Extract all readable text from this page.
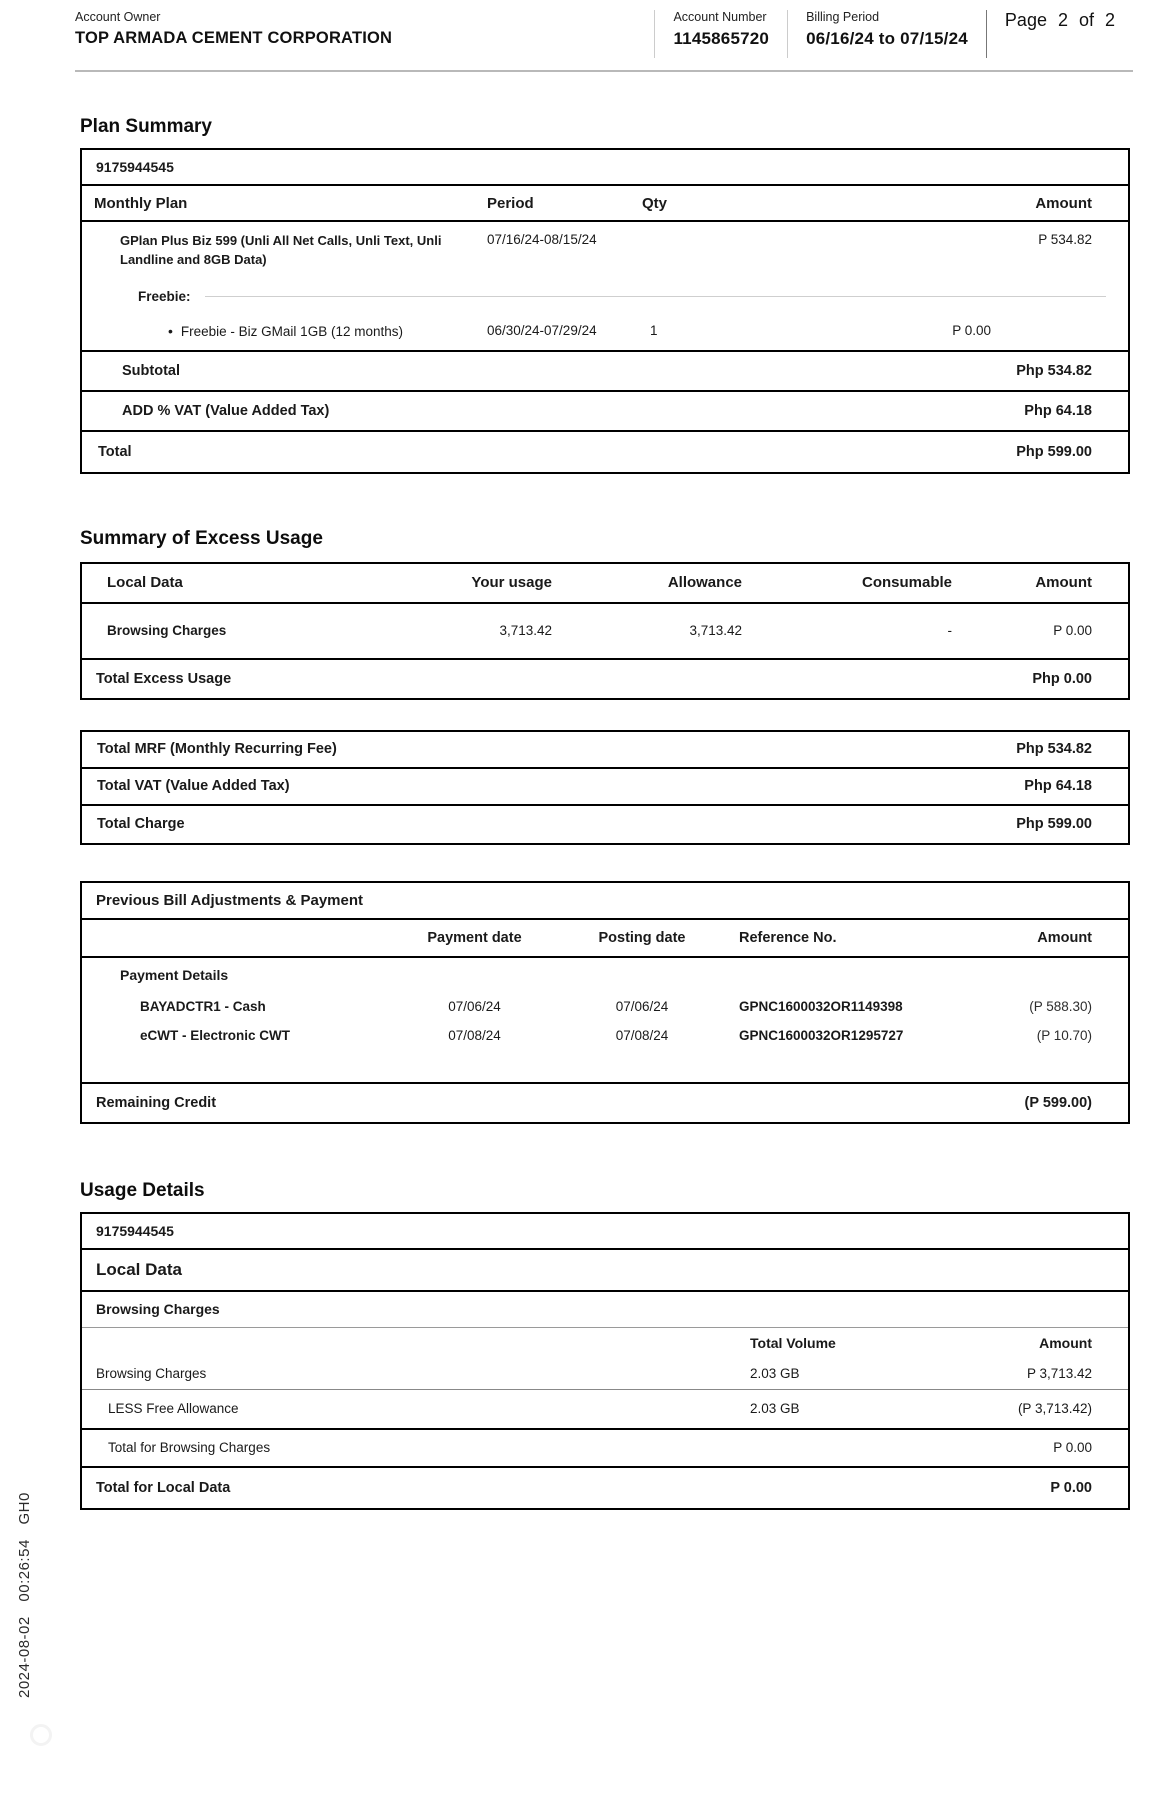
Account Owner
TOP ARMADA CEMENT CORPORATION
Account Number
1145865720
Billing Period
06/16/24 to 07/15/24
Page 2 of 2
Plan Summary
9175944545
Monthly Plan	Period	Qty	Amount
GPlan Plus Biz 599 (Unli All Net Calls, Unli Text, Unli Landline and 8GB Data)
07/16/24-08/15/24	P 534.82
Freebie:
• Freebie - Biz GMail 1GB (12 months)	06/30/24-07/29/24	1	P 0.00
Subtotal	Php 534.82
ADD % VAT (Value Added Tax)	Php 64.18
Total	Php 599.00
Summary of Excess Usage
Local Data	Your usage	Allowance	Consumable	Amount
Browsing Charges	3,713.42	3,713.42	-	P 0.00
Total Excess Usage	Php 0.00
Total MRF (Monthly Recurring Fee)	Php 534.82
Total VAT (Value Added Tax)	Php 64.18
Total Charge	Php 599.00
Previous Bill Adjustments & Payment
Payment date	Posting date	Reference No.	Amount
Payment Details
BAYADCTR1 - Cash	07/06/24	07/06/24	GPNC1600032OR1149398	(P 588.30)
eCWT - Electronic CWT	07/08/24	07/08/24	GPNC1600032OR1295727	(P 10.70)
Remaining Credit	(P 599.00)
Usage Details
9175944545
Local Data
Browsing Charges
Total Volume	Amount
Browsing Charges	2.03 GB	P 3,713.42
LESS Free Allowance	2.03 GB	(P 3,713.42)
Total for Browsing Charges	P 0.00
Total for Local Data	P 0.00
2024-08-02 00:26:54 GH0
